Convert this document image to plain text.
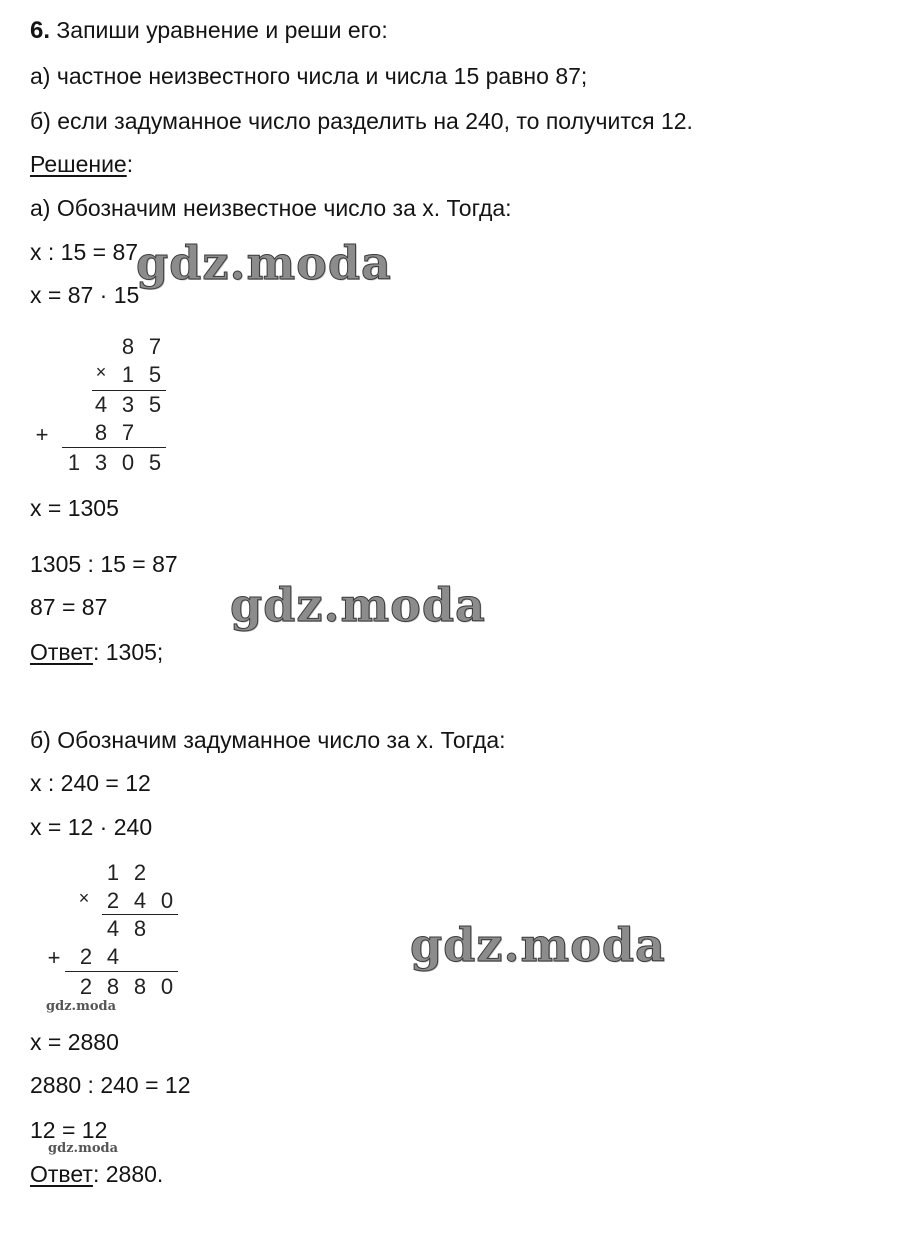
6. Запиши уравнение и реши его:
а) частное неизвестного числа и числа 15 равно 87;
б) если задуманное число разделить на 240, то получится 12.
Решение:
а) Обозначим неизвестное число за x. Тогда:
x : 15 = 87
x = 87 · 15
8 7
× 1 5
4 3 5
+ 8 7
1 3 0 5
x = 1305
1305 : 15 = 87
87 = 87
Ответ: 1305;
б) Обозначим задуманное число за x. Тогда:
x : 240 = 12
x = 12 · 240
1 2
× 2 4 0
4 8
+ 2 4
2 8 8 0
x = 2880
2880 : 240 = 12
12 = 12
Ответ: 2880.
gdz.moda
gdz.moda
gdz.moda
gdz.moda
gdz.moda
